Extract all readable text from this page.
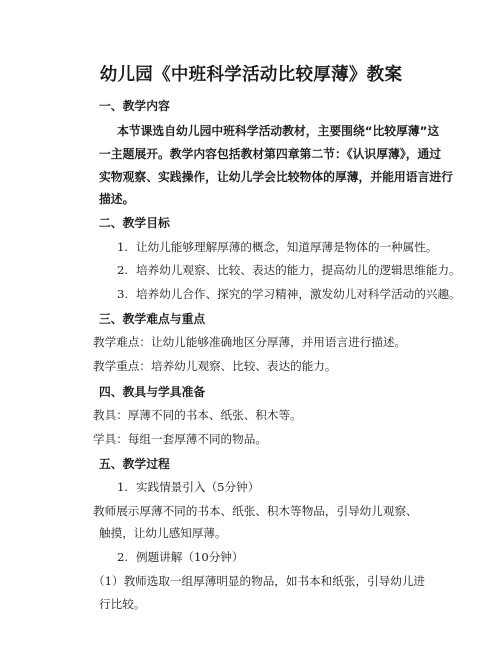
幼儿园《中班科学活动比较厚薄》教案
一、教学内容
本节课选自幼儿园中班科学活动教材，主要围绕“比较厚薄”这
一主题展开。教学内容包括教材第四章第二节：《认识厚薄》，通过
实物观察、实践操作，让幼儿学会比较物体的厚薄，并能用语言进行
描述。
二、教学目标
1. 让幼儿能够理解厚薄的概念，知道厚薄是物体的一种属性。
2. 培养幼儿观察、比较、表达的能力，提高幼儿的逻辑思维能力。
3. 培养幼儿合作、探究的学习精神，激发幼儿对科学活动的兴趣。
三、教学难点与重点
教学难点：让幼儿能够准确地区分厚薄，并用语言进行描述。
教学重点：培养幼儿观察、比较、表达的能力。
四、教具与学具准备
教具：厚薄不同的书本、纸张、积木等。
学具：每组一套厚薄不同的物品。
五、教学过程
1. 实践情景引入（5分钟）
教师展示厚薄不同的书本、纸张、积木等物品，引导幼儿观察、
触摸，让幼儿感知厚薄。
2. 例题讲解（10分钟）
（1）教师选取一组厚薄明显的物品，如书本和纸张，引导幼儿进
行比较。
